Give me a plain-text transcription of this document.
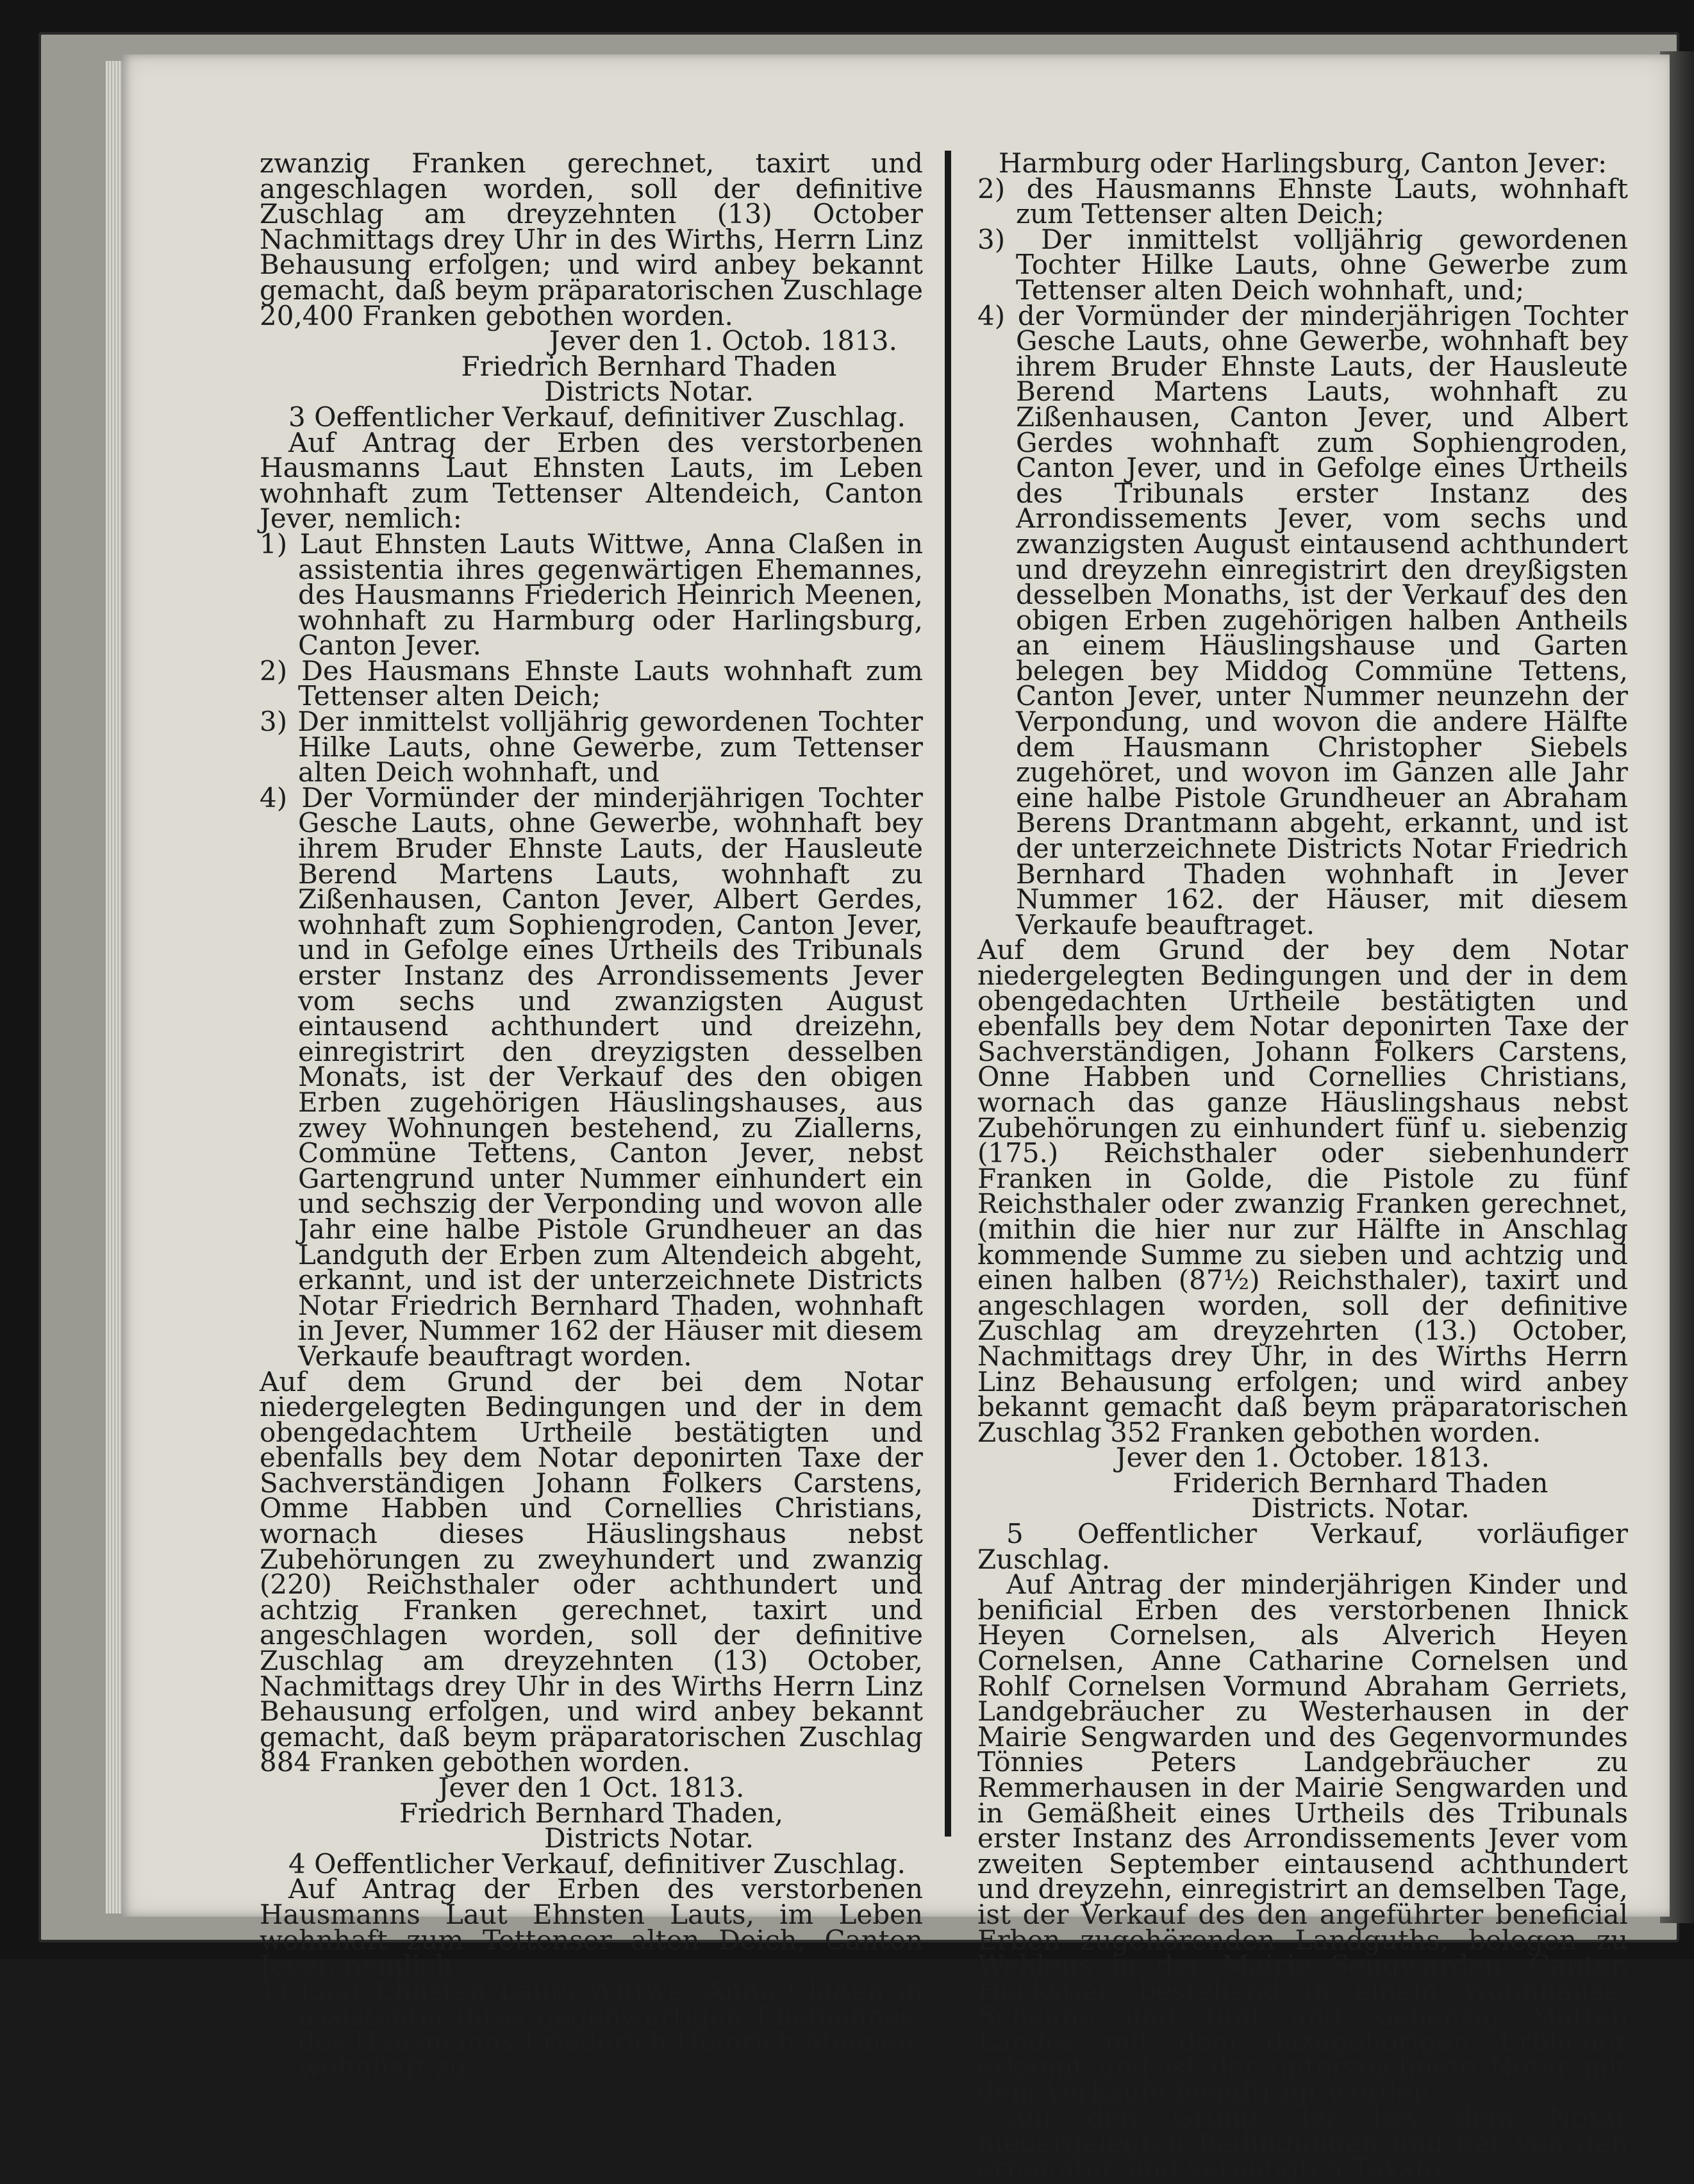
zwanzig Franken gerechnet, taxirt und angeschlagen worden, soll der definitive Zuschlag am dreyzehnten (13) October Nachmittags drey Uhr in des Wirths, Herrn Linz Behausung erfolgen; und wird anbey bekannt gemacht, daß beym präparatorischen Zuschlage 20,400 Franken gebothen worden.

Jever den 1. Octob. 1813.

Friedrich Bernhard Thaden

Districts Notar.

3 Oeffentlicher Verkauf, definitiver Zuschlag.

Auf Antrag der Erben des verstorbenen Hausmanns Laut Ehnsten Lauts, im Leben wohnhaft zum Tettenser Altendeich, Canton Jever, nemlich:

1) Laut Ehnsten Lauts Wittwe, Anna Claßen in assistentia ihres gegenwärtigen Ehemannes, des Hausmanns Friederich Heinrich Meenen, wohnhaft zu Harmburg oder Harlingsburg, Canton Jever.

2) Des Hausmans Ehnste Lauts wohnhaft zum Tettenser alten Deich;

3) Der inmittelst volljährig gewordenen Tochter Hilke Lauts, ohne Gewerbe, zum Tettenser alten Deich wohnhaft, und

4) Der Vormünder der minderjährigen Tochter Gesche Lauts, ohne Gewerbe, wohnhaft bey ihrem Bruder Ehnste Lauts, der Hausleute Berend Martens Lauts, wohnhaft zu Zißenhausen, Canton Jever, Albert Gerdes, wohnhaft zum Sophiengroden, Canton Jever, und in Gefolge eines Urtheils des Tribunals erster Instanz des Arrondissements Jever vom sechs und zwanzigsten August eintausend achthundert und dreizehn, einregistrirt den dreyzigsten desselben Monats, ist der Verkauf des den obigen Erben zugehörigen Häuslingshauses, aus zwey Wohnungen bestehend, zu Ziallerns, Commüne Tettens, Canton Jever, nebst Gartengrund unter Nummer einhundert ein und sechszig der Verponding und wovon alle Jahr eine halbe Pistole Grundheuer an das Landguth der Erben zum Altendeich abgeht, erkannt, und ist der unterzeichnete Districts Notar Friedrich Bernhard Thaden, wohnhaft in Jever, Nummer 162 der Häuser mit diesem Verkaufe beauftragt worden.

Auf dem Grund der bei dem Notar niedergelegten Bedingungen und der in dem obengedachtem Urtheile bestätigten und ebenfalls bey dem Notar deponirten Taxe der Sachverständigen Johann Folkers Carstens, Omme Habben und Cornellies Christians, wornach dieses Häuslingshaus nebst Zubehörungen zu zweyhundert und zwanzig (220) Reichsthaler oder achthundert und achtzig Franken gerechnet, taxirt und angeschlagen worden, soll der definitive Zuschlag am dreyzehnten (13) October, Nachmittags drey Uhr in des Wirths Herrn Linz Behausung erfolgen, und wird anbey bekannt gemacht, daß beym präparatorischen Zuschlag 884 Franken gebothen worden.

Jever den 1 Oct. 1813.

Friedrich Bernhard Thaden,

Districts Notar.

4 Oeffentlicher Verkauf, definitiver Zuschlag.

Auf Antrag der Erben des verstorbenen Hausmanns Laut Ehnsten Lauts, im Leben wohnhaft zum Tettenser alten Deich, Canton Jever, nemlich:

1) Laut Ehnsten Lauts Wittwe, Anna Claßen in assistentia ihres gegenwärtigen Ehemannes, des Hausmanns Friederich Heinrich Meenen, wohnhaft zu,

Harmburg oder Harlingsburg, Canton Jever:

2) des Hausmanns Ehnste Lauts, wohnhaft zum Tettenser alten Deich;

3) Der inmittelst volljährig gewordenen Tochter Hilke Lauts, ohne Gewerbe zum Tettenser alten Deich wohnhaft, und;

4) der Vormünder der minderjährigen Tochter Gesche Lauts, ohne Gewerbe, wohnhaft bey ihrem Bruder Ehnste Lauts, der Hausleute Berend Martens Lauts, wohnhaft zu Zißenhausen, Canton Jever, und Albert Gerdes wohnhaft zum Sophiengroden, Canton Jever, und in Gefolge eines Urtheils des Tribunals erster Instanz des Arrondissements Jever, vom sechs und zwanzigsten August eintausend achthundert und dreyzehn einregistrirt den dreyßigsten desselben Monaths, ist der Verkauf des den obigen Erben zugehörigen halben Antheils an einem Häuslingshause und Garten belegen bey Middog Commüne Tettens, Canton Jever, unter Nummer neunzehn der Verpondung, und wovon die andere Hälfte dem Hausmann Christopher Siebels zugehöret, und wovon im Ganzen alle Jahr eine halbe Pistole Grundheuer an Abraham Berens Drantmann abgeht, erkannt, und ist der unterzeichnete Districts Notar Friedrich Bernhard Thaden wohnhaft in Jever Nummer 162. der Häuser, mit diesem Verkaufe beauftraget.

Auf dem Grund der bey dem Notar niedergelegten Bedingungen und der in dem obengedachten Urtheile bestätigten und ebenfalls bey dem Notar deponirten Taxe der Sachverständigen, Johann Folkers Carstens, Onne Habben und Cornellies Christians, wornach das ganze Häuslingshaus nebst Zubehörungen zu einhundert fünf u. siebenzig (175.) Reichsthaler oder siebenhunderr Franken in Golde, die Pistole zu fünf Reichsthaler oder zwanzig Franken gerechnet, (mithin die hier nur zur Hälfte in Anschlag kommende Summe zu sieben und achtzig und einen halben (87½) Reichsthaler), taxirt und angeschlagen worden, soll der definitive Zuschlag am dreyzehrten (13.) October, Nachmittags drey Uhr, in des Wirths Herrn Linz Behausung erfolgen; und wird anbey bekannt gemacht daß beym präparatorischen Zuschlag 352 Franken gebothen worden.

Jever den 1. October. 1813.

Friderich Bernhard Thaden

Districts. Notar.

5 Oeffentlicher Verkauf, vorläufiger Zuschlag.

Auf Antrag der minderjährigen Kinder und benificial Erben des verstorbenen Ihnick Heyen Cornelsen, als Alverich Heyen Cornelsen, Anne Catharine Cornelsen und Rohlf Cornelsen Vormund Abraham Gerriets, Landgebräucher zu Westerhausen in der Mairie Sengwarden und des Gegenvormundes Tönnies Peters Landgebräucher zu Remmerhausen in der Mairie Sengwarden und in Gemäßheit eines Urtheils des Tribunals erster Instanz des Arrondissements Jever vom zweiten September eintausend achthundert und dreyzehn, einregistrirt an demselben Tage, ist der Verkauf des den angeführter beneficial Erben zugehörenden Landguths, belegen zu Wehlens in der Mairie Sengwarden, Canton Hockstiel, bestehend in einem Wohnhause, Scheune und fünf und siebenzig Matten Landes mit dem dazugehörigen Erbheuer erkannt und ist der unterzeichnete Notar mit dem Verkaufe beauftragt worden.

Auf den Grund der bey dem Notar niedergelegten Bedingungen und der von den ernannten und vereidigten Taxato
